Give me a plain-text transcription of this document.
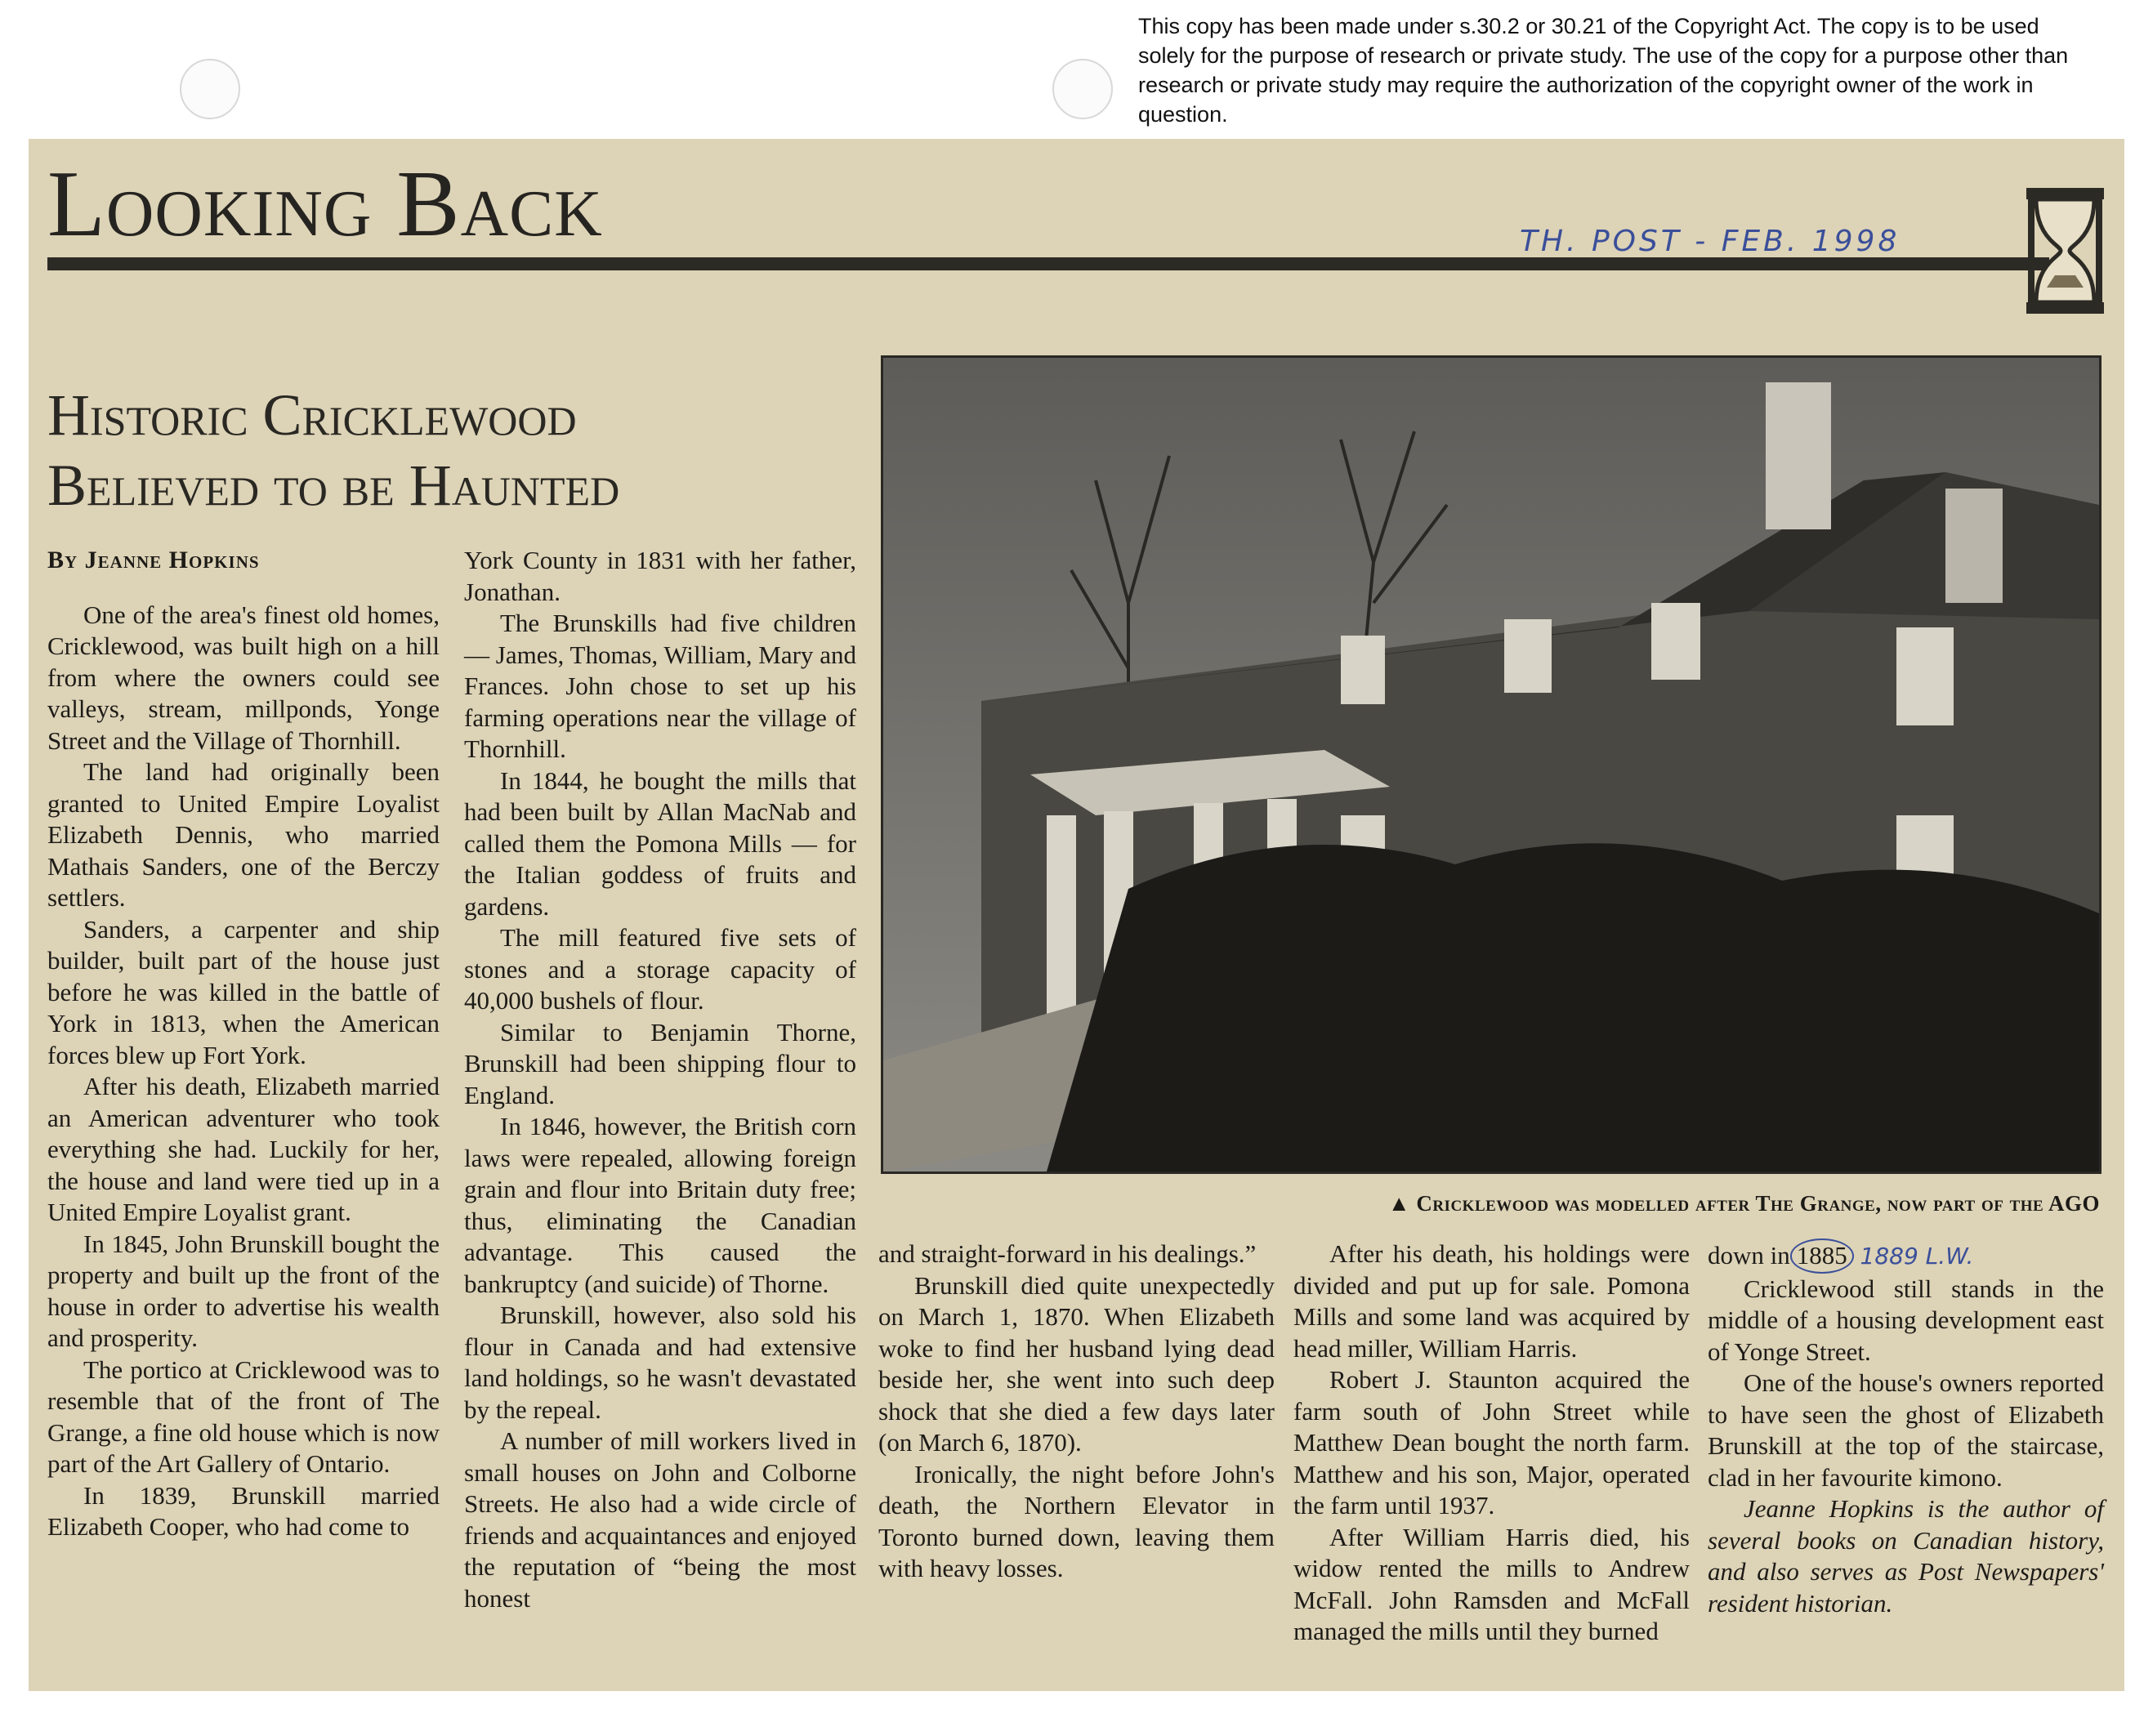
This copy has been made under s.30.2 or 30.21 of the Copyright Act. The copy is to be used solely for the purpose of research or private study. The use of the copy for a purpose other than research or private study may require the authorization of the copyright owner of the work in question.
Looking Back	TH. POST - FEB. 1998
Historic Cricklewood
Believed to be Haunted
▲ Cricklewood was modelled after The Grange, now part of the AGO

By Jeanne Hopkins

One of the area's finest old homes, Cricklewood, was built high on a hill from where the owners could see valleys, stream, millponds, Yonge Street and the Village of Thornhill.

The land had originally been granted to United Empire Loyalist Elizabeth Dennis, who married Mathais Sanders, one of the Berczy settlers.

Sanders, a carpenter and ship builder, built part of the house just before he was killed in the battle of York in 1813, when the American forces blew up Fort York.

After his death, Elizabeth married an American adventurer who took everything she had. Luckily for her, the house and land were tied up in a United Empire Loyalist grant.

In 1845, John Brunskill bought the property and built up the front of the house in order to advertise his wealth and prosperity.

The portico at Cricklewood was to resemble that of the front of The Grange, a fine old house which is now part of the Art Gallery of Ontario.

In 1839, Brunskill married Elizabeth Cooper, who had come to

York County in 1831 with her father, Jonathan.

The Brunskills had five children — James, Thomas, William, Mary and Frances. John chose to set up his farming operations near the village of Thornhill.

In 1844, he bought the mills that had been built by Allan MacNab and called them the Pomona Mills — for the Italian goddess of fruits and gardens.

The mill featured five sets of stones and a storage capacity of 40,000 bushels of flour.

Similar to Benjamin Thorne, Brunskill had been shipping flour to England.

In 1846, however, the British corn laws were repealed, allowing foreign grain and flour into Britain duty free; thus, eliminating the Canadian advantage. This caused the bankruptcy (and suicide) of Thorne.

Brunskill, however, also sold his flour in Canada and had extensive land holdings, so he wasn't devastated by the repeal.

A number of mill workers lived in small houses on John and Colborne Streets. He also had a wide circle of friends and acquaintances and enjoyed the reputation of “being the most honest

and straight-forward in his dealings.”

Brunskill died quite unexpectedly on March 1, 1870. When Elizabeth woke to find her husband lying dead beside her, she went into such deep shock that she died a few days later (on March 6, 1870).

Ironically, the night before John's death, the Northern Elevator in Toronto burned down, leaving them with heavy losses.

After his death, his holdings were divided and put up for sale. Pomona Mills and some land was acquired by head miller, William Harris.

Robert J. Staunton acquired the farm south of John Street while Matthew Dean bought the north farm. Matthew and his son, Major, operated the farm until 1937.

After William Harris died, his widow rented the mills to Andrew McFall. John Ramsden and McFall managed the mills until they burned

down in 1885 1889 L.W.

Cricklewood still stands in the middle of a housing development east of Yonge Street.

One of the house's owners reported to have seen the ghost of Elizabeth Brunskill at the top of the staircase, clad in her favourite kimono.

Jeanne Hopkins is the author of several books on Canadian history, and also serves as Post Newspapers' resident historian.
